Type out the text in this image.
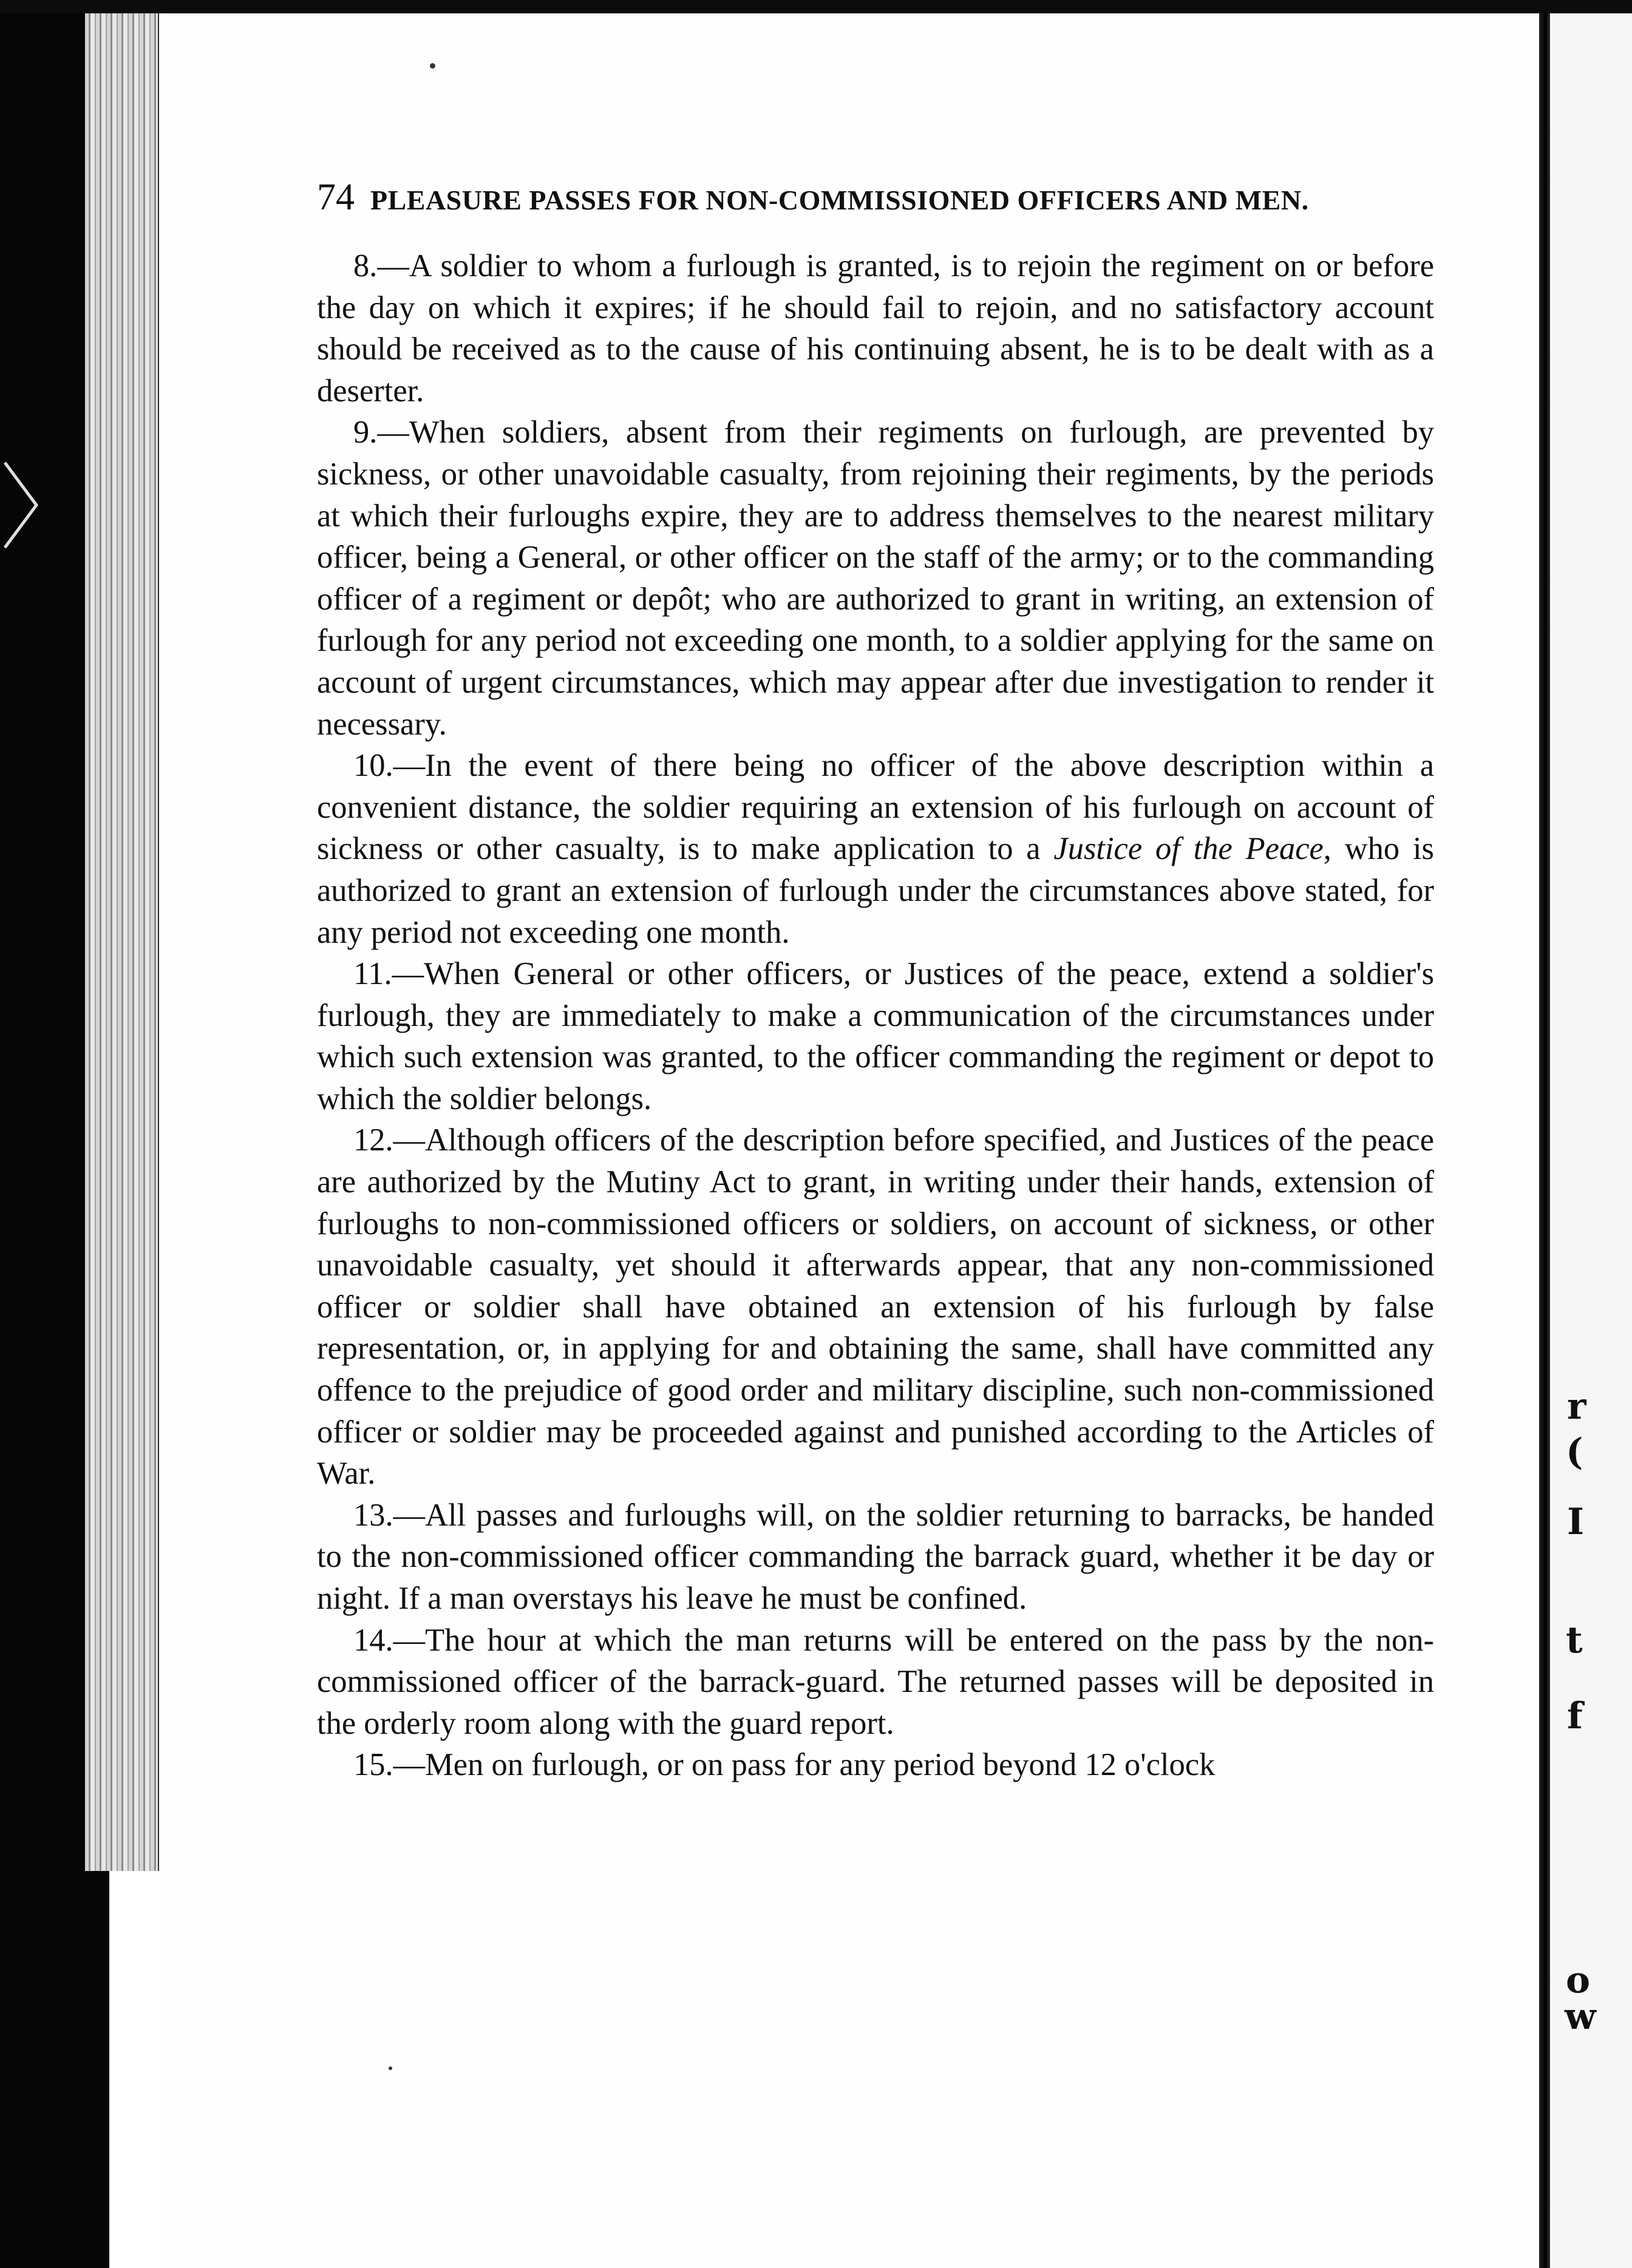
r
(
I
t
f
o
w
74 PLEASURE PASSES FOR NON-COMMISSIONED OFFICERS AND MEN.

8.—A soldier to whom a furlough is granted, is to rejoin the regiment on or before the day on which it expires; if he should fail to rejoin, and no satisfactory account should be received as to the cause of his continuing absent, he is to be dealt with as a deserter.

9.—When soldiers, absent from their regiments on furlough, are prevented by sickness, or other unavoidable casualty, from rejoining their regiments, by the periods at which their furloughs expire, they are to address themselves to the nearest military officer, being a General, or other officer on the staff of the army; or to the commanding officer of a regiment or depôt; who are authorized to grant in writing, an extension of furlough for any period not exceeding one month, to a soldier applying for the same on account of urgent circumstances, which may appear after due investigation to render it necessary.

10.—In the event of there being no officer of the above description within a convenient distance, the soldier requiring an extension of his furlough on account of sickness or other casualty, is to make application to a Justice of the Peace, who is authorized to grant an extension of furlough under the circumstances above stated, for any period not exceeding one month.

11.—When General or other officers, or Justices of the peace, extend a soldier's furlough, they are immediately to make a communication of the circumstances under which such extension was granted, to the officer commanding the regiment or depot to which the soldier belongs.

12.—Although officers of the description before specified, and Justices of the peace are authorized by the Mutiny Act to grant, in writing under their hands, extension of furloughs to non-commissioned officers or soldiers, on account of sickness, or other unavoidable casualty, yet should it afterwards appear, that any non-commissioned officer or soldier shall have obtained an extension of his furlough by false representation, or, in applying for and obtaining the same, shall have committed any offence to the prejudice of good order and military discipline, such non-commissioned officer or soldier may be proceeded against and punished according to the Articles of War.

13.—All passes and furloughs will, on the soldier returning to barracks, be handed to the non-commissioned officer commanding the barrack guard, whether it be day or night. If a man overstays his leave he must be confined.

14.—The hour at which the man returns will be entered on the pass by the non-commissioned officer of the barrack-guard. The returned passes will be deposited in the orderly room along with the guard report.

15.—Men on furlough, or on pass for any period beyond 12 o'clock
